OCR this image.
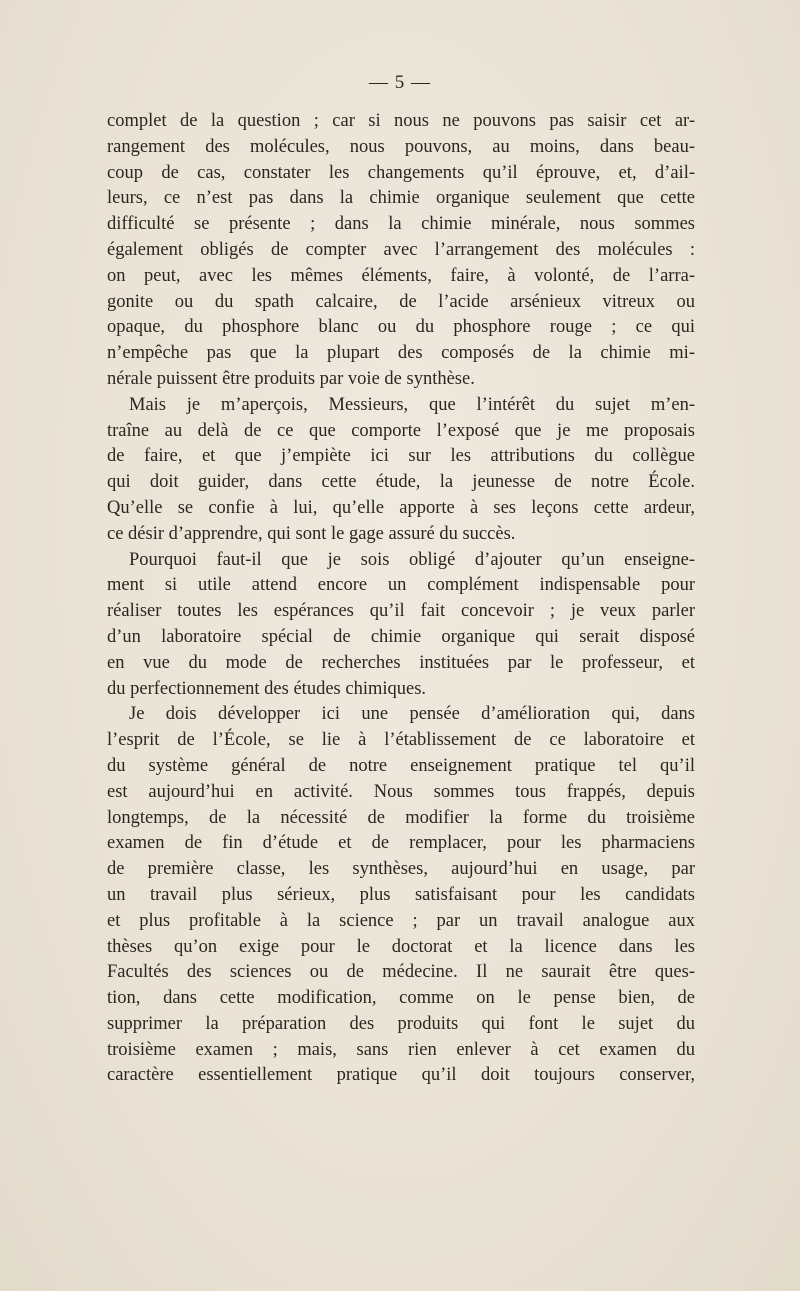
— 5 —
complet de la question ; car si nous ne pouvons pas saisir cet ar-
rangement des molécules, nous pouvons, au moins, dans beau-
coup de cas, constater les changements qu’il éprouve, et, d’ail-
leurs, ce n’est pas dans la chimie organique seulement que cette
difficulté se présente ; dans la chimie minérale, nous sommes
également obligés de compter avec l’arrangement des molécules :
on peut, avec les mêmes éléments, faire, à volonté, de l’arra-
gonite ou du spath calcaire, de l’acide arsénieux vitreux ou
opaque, du phosphore blanc ou du phosphore rouge ; ce qui
n’empêche pas que la plupart des composés de la chimie mi-
nérale puissent être produits par voie de synthèse.
Mais je m’aperçois, Messieurs, que l’intérêt du sujet m’en-
traîne au delà de ce que comporte l’exposé que je me proposais
de faire, et que j’empiète ici sur les attributions du collègue
qui doit guider, dans cette étude, la jeunesse de notre École.
Qu’elle se confie à lui, qu’elle apporte à ses leçons cette ardeur,
ce désir d’apprendre, qui sont le gage assuré du succès.
Pourquoi faut-il que je sois obligé d’ajouter qu’un enseigne-
ment si utile attend encore un complément indispensable pour
réaliser toutes les espérances qu’il fait concevoir ; je veux parler
d’un laboratoire spécial de chimie organique qui serait disposé
en vue du mode de recherches instituées par le professeur, et
du perfectionnement des études chimiques.
Je dois développer ici une pensée d’amélioration qui, dans
l’esprit de l’École, se lie à l’établissement de ce laboratoire et
du système général de notre enseignement pratique tel qu’il
est aujourd’hui en activité. Nous sommes tous frappés, depuis
longtemps, de la nécessité de modifier la forme du troisième
examen de fin d’étude et de remplacer, pour les pharmaciens
de première classe, les synthèses, aujourd’hui en usage, par
un travail plus sérieux, plus satisfaisant pour les candidats
et plus profitable à la science ; par un travail analogue aux
thèses qu’on exige pour le doctorat et la licence dans les
Facultés des sciences ou de médecine. Il ne saurait être ques-
tion, dans cette modification, comme on le pense bien, de
supprimer la préparation des produits qui font le sujet du
troisième examen ; mais, sans rien enlever à cet examen du
caractère essentiellement pratique qu’il doit toujours conserver,
